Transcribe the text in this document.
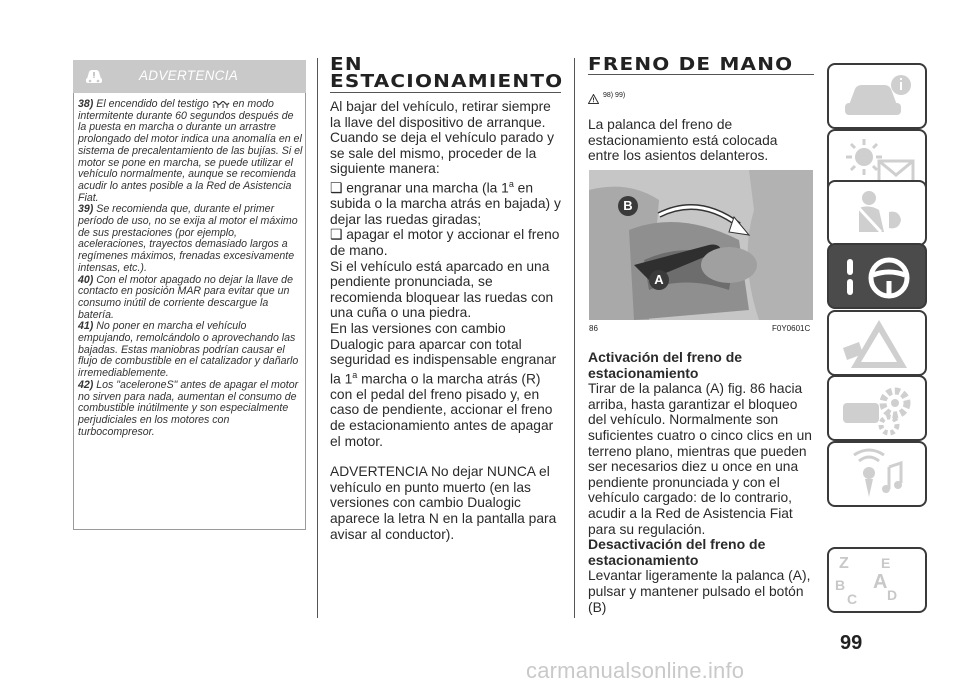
ADVERTENCIA

38) El encendido del testigo  en modo intermitente durante 60 segundos después de la puesta en marcha o durante un arrastre prolongado del motor indica una anomalía en el sistema de precalentamiento de las bujías. Si el motor se pone en marcha, se puede utilizar el vehículo normalmente, aunque se recomienda acudir lo antes posible a la Red de Asistencia Fiat.

39) Se recomienda que, durante el primer período de uso, no se exija al motor el máximo de sus prestaciones (por ejemplo, aceleraciones, trayectos demasiado largos a regímenes máximos, frenadas excesivamente intensas, etc.).

40) Con el motor apagado no dejar la llave de contacto en posición MAR para evitar que un consumo inútil de corriente descargue la batería.

41) No poner en marcha el vehículo empujando, remolcándolo o aprovechando las bajadas. Estas maniobras podrían causar el flujo de combustible en el catalizador y dañarlo irremediablemente.

42) Los "aceleroneS" antes de apagar el motor no sirven para nada, aumentan el consumo de combustible inútilmente y son especialmente perjudiciales en los motores con turbocompresor.

EN
ESTACIONAMIENTO

Al bajar del vehículo, retirar siempre la llave del dispositivo de arranque.

Cuando se deja el vehículo parado y se sale del mismo, proceder de la siguiente manera:

❑ engranar una marcha (la 1$^a$ en subida o la marcha atrás en bajada) y dejar las ruedas giradas;

❑ apagar el motor y accionar el freno de mano.

Si el vehículo está aparcado en una pendiente pronunciada, se recomienda bloquear las ruedas con una cuña o una piedra.

En las versiones con cambio Dualogic para aparcar con total seguridad es indispensable engranar la 1$^a$ marcha o la marcha atrás (R) con el pedal del freno pisado y, en caso de pendiente, accionar el freno de estacionamiento antes de apagar el motor.

ADVERTENCIA No dejar NUNCA el vehículo en punto muerto (en las versiones con cambio Dualogic aparece la letra N en la pantalla para avisar al conductor).

FRENO DE MANO
98) 99)
La palanca del freno de estacionamiento está colocada entre los asientos delanteros.
B
A
86	F0Y0601C

Activación del freno de estacionamiento

Tirar de la palanca (A) fig. 86 hacia arriba, hasta garantizar el bloqueo del vehículo. Normalmente son suficientes cuatro o cinco clics en un terreno plano, mientras que pueden ser necesarios diez u once en una pendiente pronunciada y con el vehículo cargado: de lo contrario, acudir a la Red de Asistencia Fiat para su regulación.

Desactivación del freno de estacionamiento

Levantar ligeramente la palanca (A), pulsar y mantener pulsado el botón (B)

Z E
B A
C D
99
carmanualsonline.info
